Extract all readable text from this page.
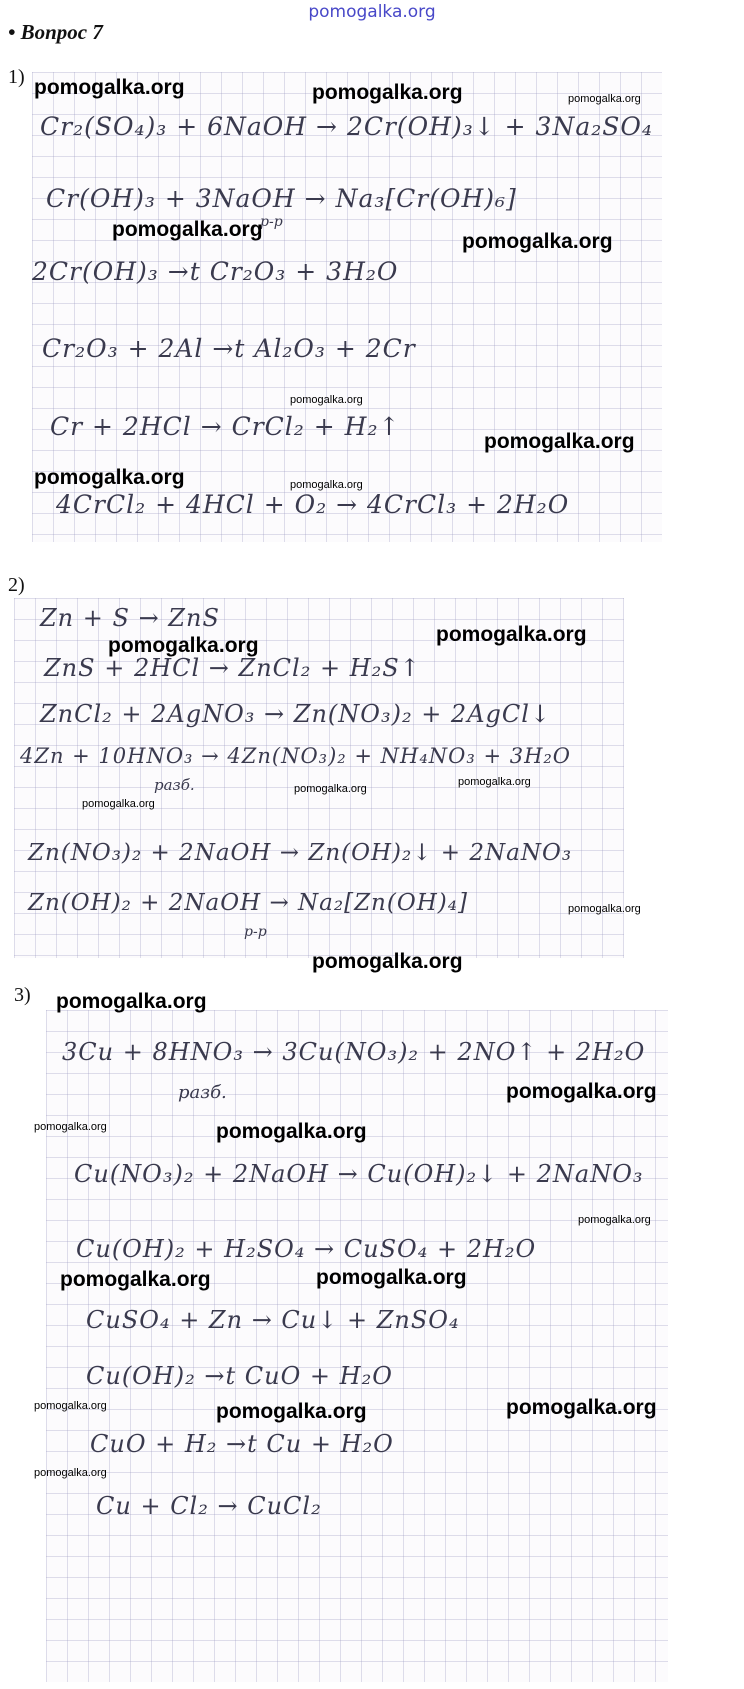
pomogalka.org
• Вопрос 7
1)
Cr₂(SO₄)₃ + 6NaOH → 2Cr(OH)₃↓ + 3Na₂SO₄
Cr(OH)₃ + 3NaOH → Na₃[Cr(OH)₆]
р-р
2Cr(OH)₃ →t Cr₂O₃ + 3H₂O
Cr₂O₃ + 2Al →t Al₂O₃ + 2Cr
Cr + 2HCl → CrCl₂ + H₂↑
4CrCl₂ + 4HCl + O₂ → 4CrCl₃ + 2H₂O
2)
Zn + S → ZnS
ZnS + 2HCl → ZnCl₂ + H₂S↑
ZnCl₂ + 2AgNO₃ → Zn(NO₃)₂ + 2AgCl↓
4Zn + 10HNO₃ → 4Zn(NO₃)₂ + NH₄NO₃ + 3H₂O
разб.
Zn(NO₃)₂ + 2NaOH → Zn(OH)₂↓ + 2NaNO₃
Zn(OH)₂ + 2NaOH → Na₂[Zn(OH)₄]
р-р
3)
3Cu + 8HNO₃ → 3Cu(NO₃)₂ + 2NO↑ + 2H₂O
разб.
Cu(NO₃)₂ + 2NaOH → Cu(OH)₂↓ + 2NaNO₃
Cu(OH)₂ + H₂SO₄ → CuSO₄ + 2H₂O
CuSO₄ + Zn → Cu↓ + ZnSO₄
Cu(OH)₂ →t CuO + H₂O
CuO + H₂ →t Cu + H₂O
Cu + Cl₂ → CuCl₂
pomogalka.org	pomogalka.org	pomogalka.org
pomogalka.org
pomogalka.org
pomogalka.org
pomogalka.org
pomogalka.org	pomogalka.org
pomogalka.org	pomogalka.org
pomogalka.org
pomogalka.org
pomogalka.org
pomogalka.org
pomogalka.org
pomogalka.org
pomogalka.org
pomogalka.org	pomogalka.org
pomogalka.org
pomogalka.org	pomogalka.org
pomogalka.org	pomogalka.org	pomogalka.org
pomogalka.org
